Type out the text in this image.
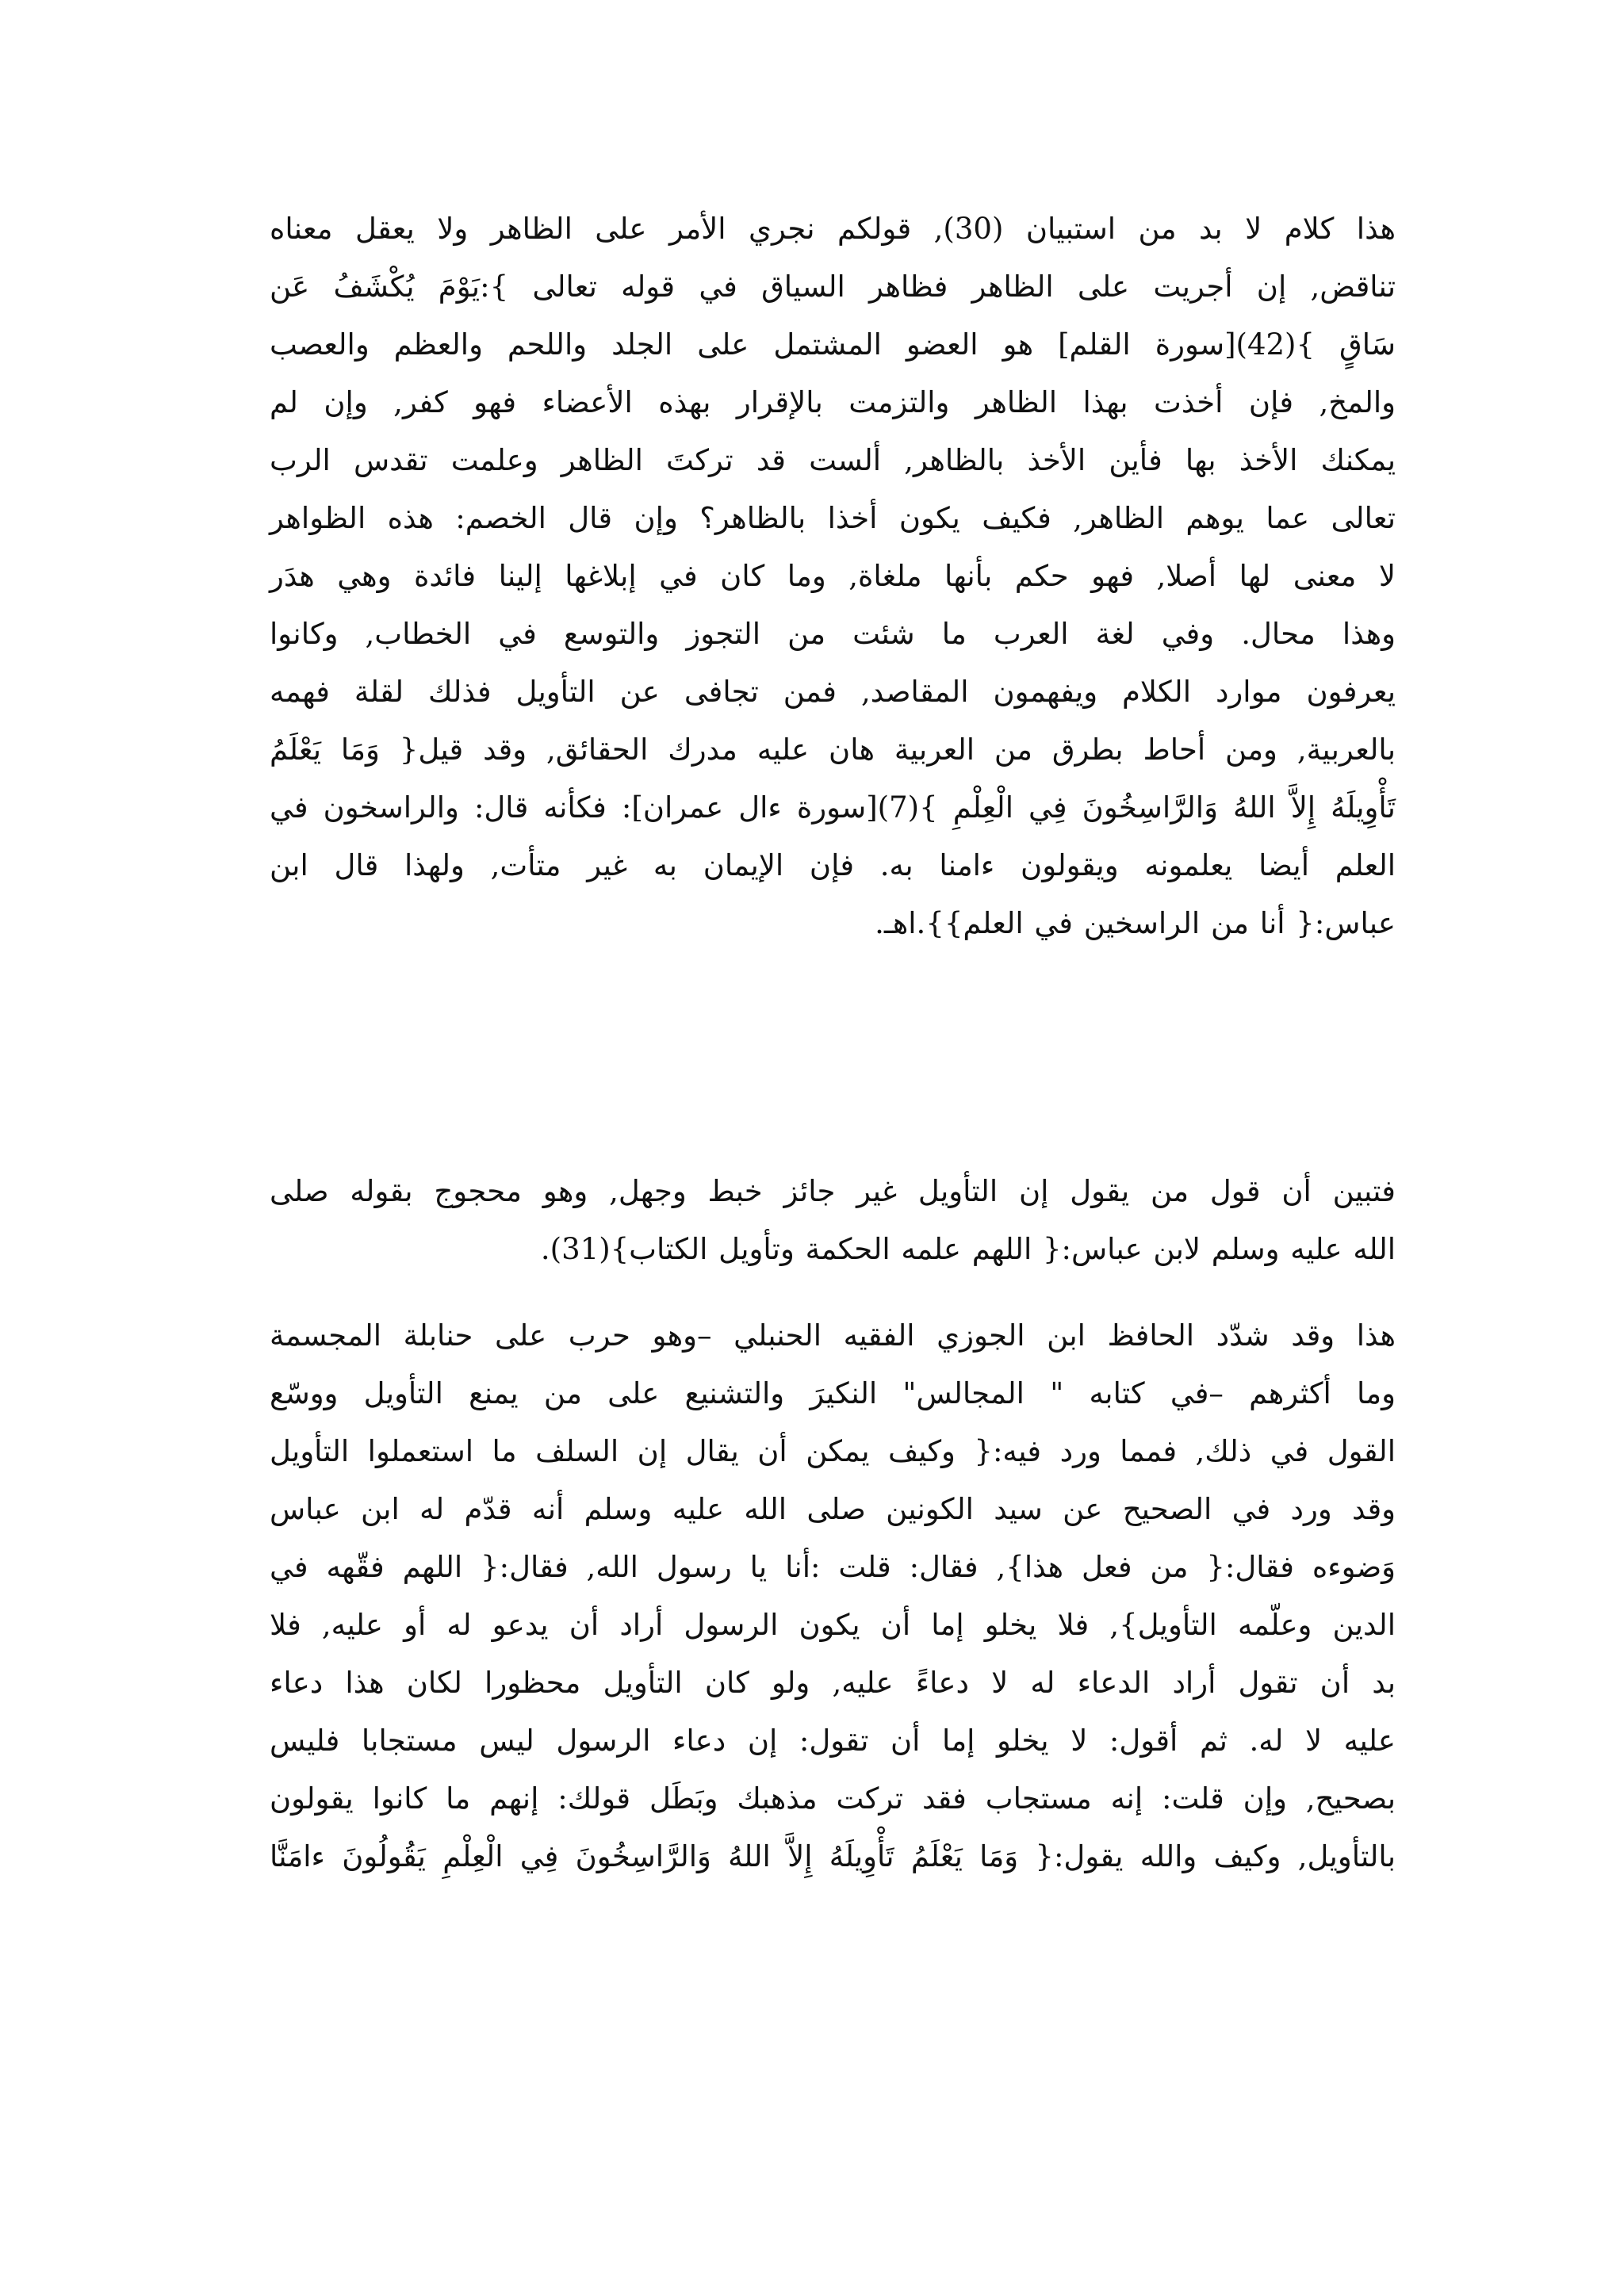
هذا كلام لا بد من استبيان (30), قولكم نجري الأمر على الظاهر ولا يعقل معناه
تناقض, إن أجريت على الظاهر فظاهر السياق في قوله تعالى }:يَوْمَ يُكْشَفُ عَن
سَاقٍ }(42)[سورة القلم] هو العضو المشتمل على الجلد واللحم والعظم والعصب
والمخ, فإن أخذت بهذا الظاهر والتزمت بالإقرار بهذه الأعضاء فهو كفر, وإن لم
يمكنك الأخذ بها فأين الأخذ بالظاهر, ألست قد تركتَ الظاهر وعلمت تقدس الرب
تعالى عما يوهم الظاهر, فكيف يكون أخذا بالظاهر؟ وإن قال الخصم: هذه الظواهر
لا معنى لها أصلا, فهو حكم بأنها ملغاة, وما كان في إبلاغها إلينا فائدة وهي هدَر
وهذا محال. وفي لغة العرب ما شئت من التجوز والتوسع في الخطاب, وكانوا
يعرفون موارد الكلام ويفهمون المقاصد, فمن تجافى عن التأويل فذلك لقلة فهمه
بالعربية, ومن أحاط بطرق من العربية هان عليه مدرك الحقائق, وقد قيل{ وَمَا يَعْلَمُ
تَأْوِيلَهُ إِلاَّ اللهُ وَالرَّاسِخُونَ فِي الْعِلْمِ }(7)[سورة ءال عمران]: فكأنه قال: والراسخون في
العلم أيضا يعلمونه ويقولون ءامنا به. فإن الإيمان به غير متأت, ولهذا قال ابن
عباس:{ أنا من الراسخين في العلم}}.اهـ.
فتبين أن قول من يقول إن التأويل غير جائز خبط وجهل, وهو محجوج بقوله صلى
الله عليه وسلم لابن عباس:{ اللهم علمه الحكمة وتأويل الكتاب}(31).
هذا وقد شدّد الحافظ ابن الجوزي الفقيه الحنبلي –وهو حرب على حنابلة المجسمة
وما أكثرهم –في كتابه " المجالس" النكيرَ والتشنيع على من يمنع التأويل ووسّع
القول في ذلك, فمما ورد فيه:{ وكيف يمكن أن يقال إن السلف ما استعملوا التأويل
وقد ورد في الصحيح عن سيد الكونين صلى الله عليه وسلم أنه قدّم له ابن عباس
وَضوءه فقال:{ من فعل هذا}, فقال: قلت :أنا يا رسول الله, فقال:{ اللهم فقّهه في
الدين وعلّمه التأويل}, فلا يخلو إما أن يكون الرسول أراد أن يدعو له أو عليه, فلا
بد أن تقول أراد الدعاء له لا دعاءً عليه, ولو كان التأويل محظورا لكان هذا دعاء
عليه لا له. ثم أقول: لا يخلو إما أن تقول: إن دعاء الرسول ليس مستجابا فليس
بصحيح, وإن قلت: إنه مستجاب فقد تركت مذهبك وبَطَل قولك: إنهم ما كانوا يقولون
بالتأويل, وكيف والله يقول:{ وَمَا يَعْلَمُ تَأْوِيلَهُ إِلاَّ اللهُ وَالرَّاسِخُونَ فِي الْعِلْمِ يَقُولُونَ ءامَنَّا
